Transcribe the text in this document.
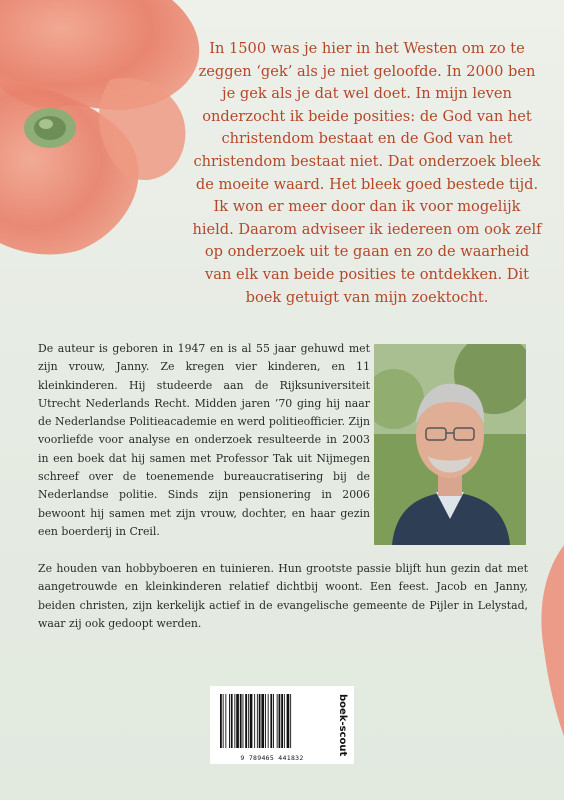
In 1500 was je hier in het Westen om zo te zeggen ‘gek’ als je niet geloofde. In 2000 ben je gek als je dat wel doet. In mijn leven onderzocht ik beide posities: de God van het christendom bestaat en de God van het christendom bestaat niet. Dat onderzoek bleek de moeite waard. Het bleek goed bestede tijd. Ik won er meer door dan ik voor mogelijk hield. Daarom adviseer ik iedereen om ook zelf op onderzoek uit te gaan en zo de waarheid van elk van beide posities te ontdekken. Dit boek getuigt van mijn zoektocht.

De auteur is geboren in 1947 en is al 55 jaar gehuwd met zijn vrouw, Janny. Ze kregen vier kinderen, en 11 kleinkinderen. Hij studeerde aan de Rijksuniversiteit Utrecht Nederlands Recht. Midden jaren ’70 ging hij naar de Nederlandse Politieacademie en werd politieofficier. Zijn voorliefde voor analyse en onderzoek resulteerde in 2003 in een boek dat hij samen met Professor Tak uit Nijmegen schreef over de toenemende bureaucratisering bij de Nederlandse politie. Sinds zijn pensionering in 2006 bewoont hij samen met zijn vrouw, dochter, en haar gezin een boerderij in Creil.

Ze houden van hobbyboeren en tuinieren. Hun grootste passie blijft hun gezin dat met aangetrouwde en kleinkinderen relatief dichtbij woont. Een feest. Jacob en Janny, beiden christen, zijn kerkelijk actief in de evangelische gemeente de Pijler in Lelystad, waar zij ook gedoopt werden.

9 789465 441832
boek-scout
